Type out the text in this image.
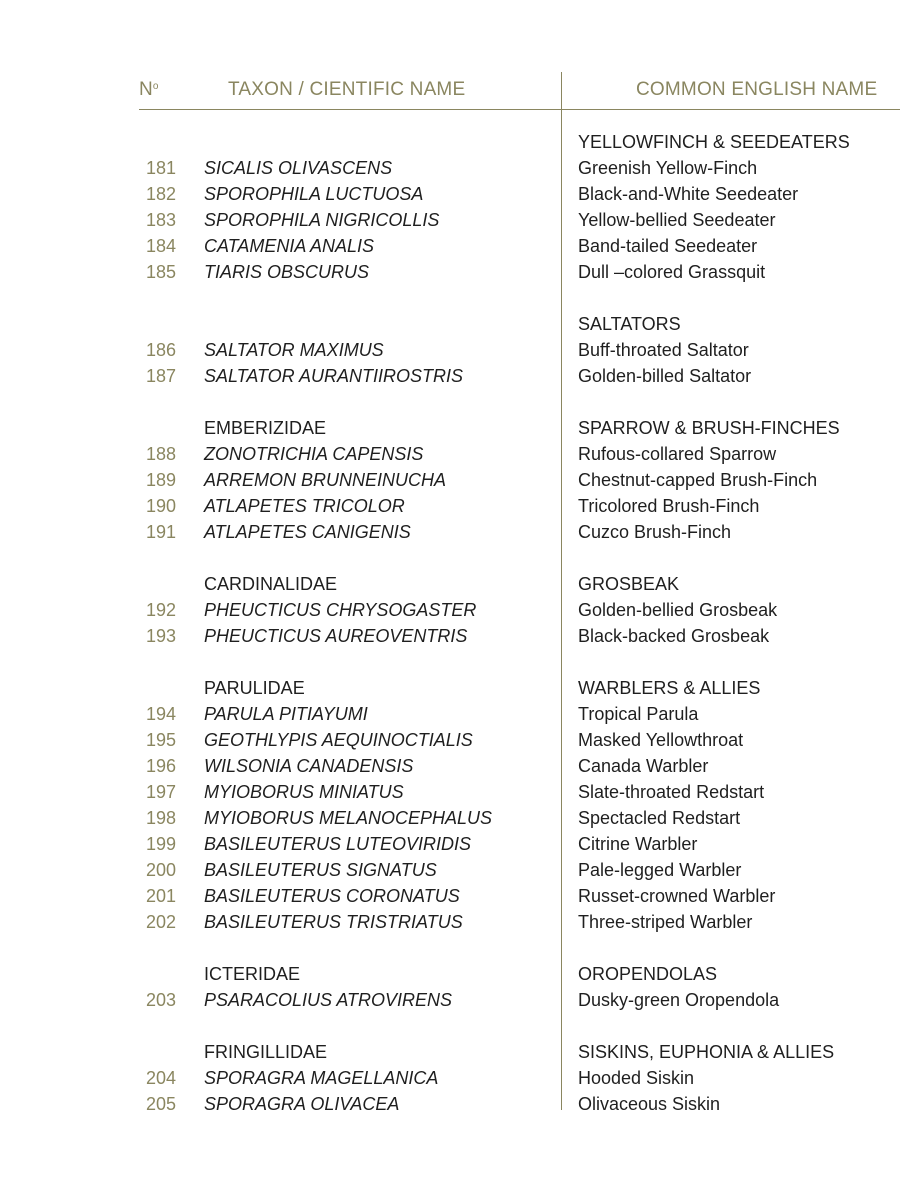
$N^o$	TAXON / CIENTIFIC NAME	COMMON ENGLISH NAME
YELLOWFINCH & SEEDEATERS
181 SICALIS OLIVASCENS	Greenish Yellow-Finch
182 SPOROPHILA LUCTUOSA	Black-and-White Seedeater
183 SPOROPHILA NIGRICOLLIS	Yellow-bellied Seedeater
184 CATAMENIA ANALIS	Band-tailed Seedeater
185 TIARIS OBSCURUS	Dull –colored Grassquit
SALTATORS
186 SALTATOR MAXIMUS	Buff-throated Saltator
187 SALTATOR AURANTIIROSTRIS	Golden-billed Saltator
EMBERIZIDAE	SPARROW & BRUSH-FINCHES
188 ZONOTRICHIA CAPENSIS	Rufous-collared Sparrow
189 ARREMON BRUNNEINUCHA	Chestnut-capped Brush-Finch
190 ATLAPETES TRICOLOR	Tricolored Brush-Finch
191 ATLAPETES CANIGENIS	Cuzco Brush-Finch
CARDINALIDAE	GROSBEAK
192 PHEUCTICUS CHRYSOGASTER	Golden-bellied Grosbeak
193 PHEUCTICUS AUREOVENTRIS	Black-backed Grosbeak
PARULIDAE	WARBLERS & ALLIES
194 PARULA PITIAYUMI	Tropical Parula
195 GEOTHLYPIS AEQUINOCTIALIS	Masked Yellowthroat
196 WILSONIA CANADENSIS	Canada Warbler
197 MYIOBORUS MINIATUS	Slate-throated Redstart
198 MYIOBORUS MELANOCEPHALUS	Spectacled Redstart
199 BASILEUTERUS LUTEOVIRIDIS	Citrine Warbler
200 BASILEUTERUS SIGNATUS	Pale-legged Warbler
201 BASILEUTERUS CORONATUS	Russet-crowned Warbler
202 BASILEUTERUS TRISTRIATUS	Three-striped Warbler
ICTERIDAE	OROPENDOLAS
203 PSARACOLIUS ATROVIRENS	Dusky-green Oropendola
FRINGILLIDAE	SISKINS, EUPHONIA & ALLIES
204 SPORAGRA MAGELLANICA	Hooded Siskin
205 SPORAGRA OLIVACEA	Olivaceous Siskin
